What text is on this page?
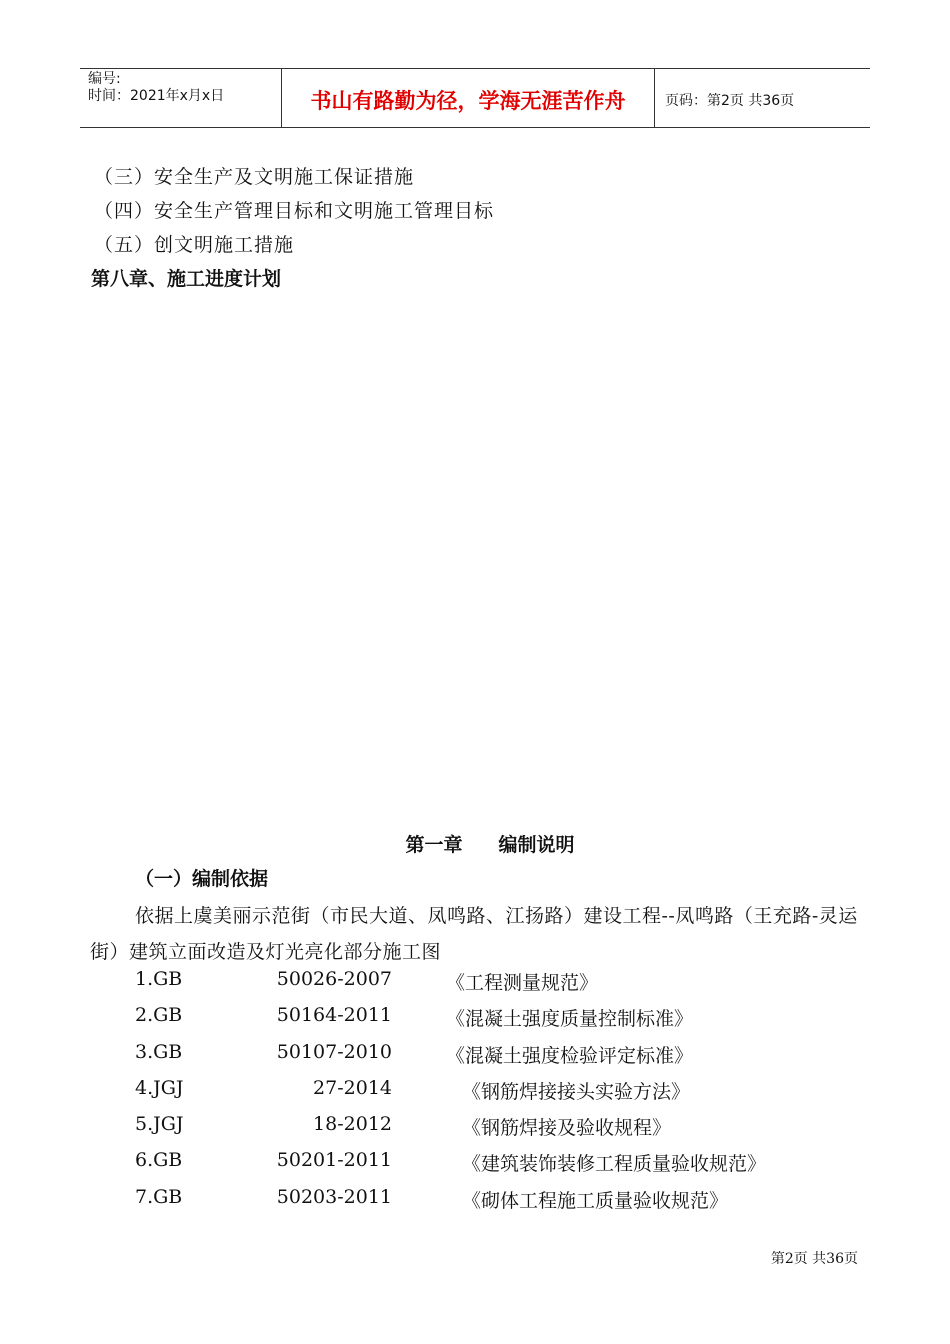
编号:
时间：2021年x月x日	书山有路勤为径，学海无涯苦作舟	页码：第2页 共36页
（三）安全生产及文明施工保证措施
（四）安全生产管理目标和文明施工管理目标
（五）创文明施工措施
第八章、施工进度计划
第一章 编制说明
（一）编制依据
依据上虞美丽示范街（市民大道、凤鸣路、江扬路）建设工程--凤鸣路（王充路-灵运街）建筑立面改造及灯光亮化部分施工图
1.GB	50026-2007	《工程测量规范》
2.GB	50164-2011	《混凝土强度质量控制标准》
3.GB	50107-2010	《混凝土强度检验评定标准》
4.JGJ	27-2014	《钢筋焊接接头实验方法》
5.JGJ	18-2012	《钢筋焊接及验收规程》
6.GB	50201-2011	《建筑装饰装修工程质量验收规范》
7.GB	50203-2011	《砌体工程施工质量验收规范》
第2页 共36页
